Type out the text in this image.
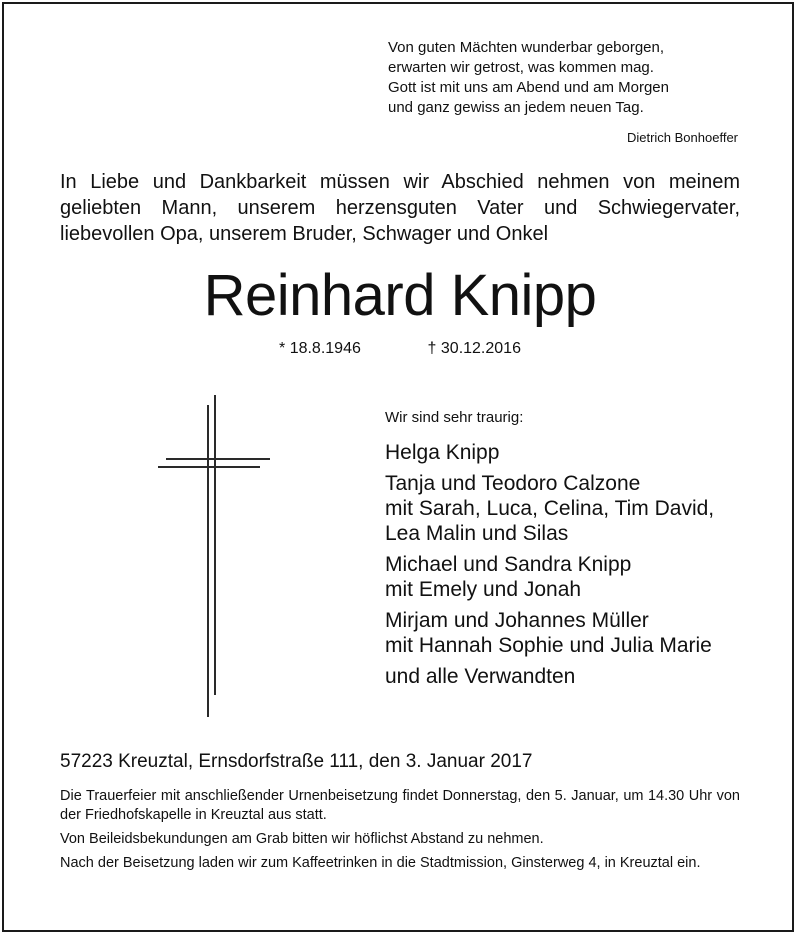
Von guten Mächten wunderbar geborgen,
erwarten wir getrost, was kommen mag.
Gott ist mit uns am Abend und am Morgen
und ganz gewiss an jedem neuen Tag.
Dietrich Bonhoeffer
In Liebe und Dankbarkeit müssen wir Abschied nehmen von meinem geliebten Mann, unserem herzensguten Vater und Schwiegervater, liebevollen Opa, unserem Bruder, Schwager und Onkel
Reinhard Knipp
* 18.8.1946               † 30.12.2016
Wir sind sehr traurig:
Helga Knipp
Tanja und Teodoro Calzone
mit Sarah, Luca, Celina, Tim David,
Lea Malin und Silas
Michael und Sandra Knipp
mit Emely und Jonah
Mirjam und Johannes Müller
mit Hannah Sophie und Julia Marie
und alle Verwandten
57223 Kreuztal, Ernsdorfstraße 111, den 3. Januar 2017

Die Trauerfeier mit anschließender Urnenbeisetzung findet Donnerstag, den 5. Januar, um 14.30 Uhr von der Friedhofskapelle in Kreuztal aus statt.

Von Beileidsbekundungen am Grab bitten wir höflichst Abstand zu nehmen.

Nach der Beisetzung laden wir zum Kaffeetrinken in die Stadtmission, Ginsterweg 4, in Kreuztal ein.
